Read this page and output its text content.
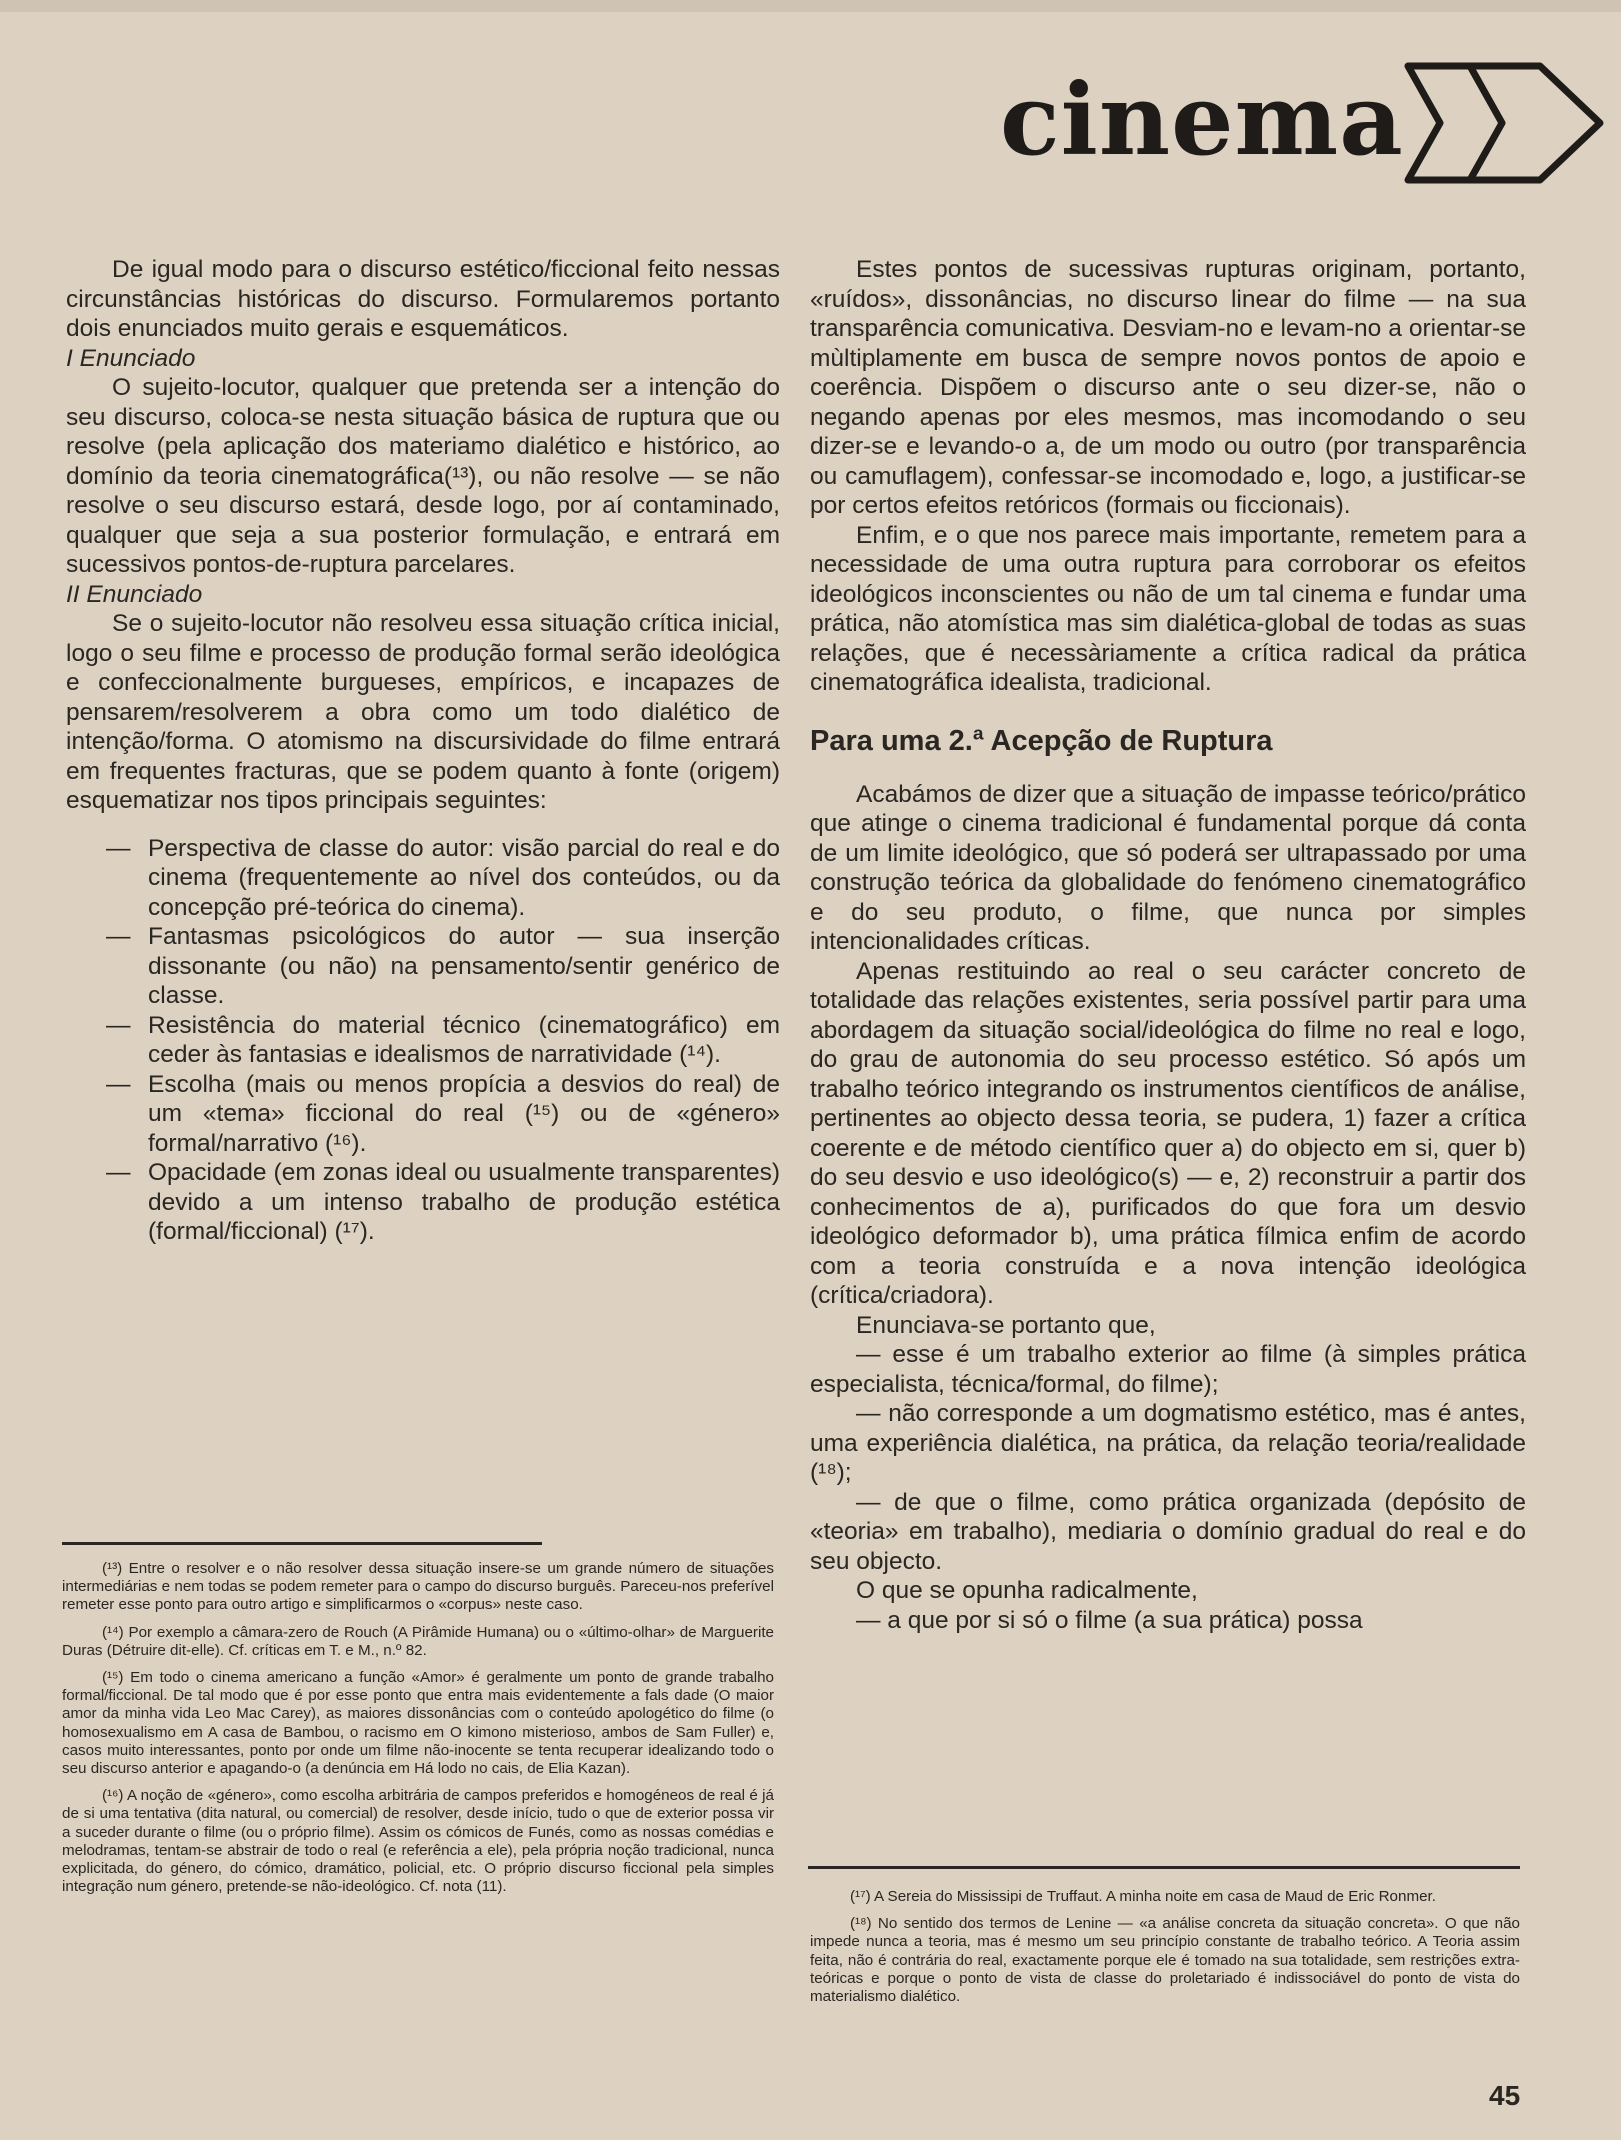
cinema

De igual modo para o discurso estético/ficcional feito nessas circunstâncias históricas do discurso. Formularemos portanto dois enunciados muito gerais e esquemáticos.

I Enunciado

O sujeito-locutor, qualquer que pretenda ser a intenção do seu discurso, coloca-se nesta situação básica de ruptura que ou resolve (pela aplicação dos materiamo dialético e histórico, ao domínio da teoria cinematográfica(¹³), ou não resolve — se não resolve o seu discurso estará, desde logo, por aí contaminado, qualquer que seja a sua posterior formulação, e entrará em sucessivos pontos-de-ruptura parcelares.

II Enunciado

Se o sujeito-locutor não resolveu essa situação crítica inicial, logo o seu filme e processo de produção formal serão ideológica e confeccionalmente burgueses, empíricos, e incapazes de pensarem/resolverem a obra como um todo dialético de intenção/forma. O atomismo na discursividade do filme entrará em frequentes fracturas, que se podem quanto à fonte (origem) esquematizar nos tipos principais seguintes:

— Perspectiva de classe do autor: visão parcial do real e do cinema (frequentemente ao nível dos conteúdos, ou da concepção pré-teórica do cinema).
— Fantasmas psicológicos do autor — sua inserção dissonante (ou não) na pensamento/sentir genérico de classe.
— Resistência do material técnico (cinematográfico) em ceder às fantasias e idealismos de narratividade (¹⁴).
— Escolha (mais ou menos propícia a desvios do real) de um «tema» ficcional do real (¹⁵) ou de «género» formal/narrativo (¹⁶).
— Opacidade (em zonas ideal ou usualmente transparentes) devido a um intenso trabalho de produção estética (formal/ficcional) (¹⁷).

Estes pontos de sucessivas rupturas originam, portanto, «ruídos», dissonâncias, no discurso linear do filme — na sua transparência comunicativa. Desviam-no e levam-no a orientar-se mùltiplamente em busca de sempre novos pontos de apoio e coerência. Dispõem o discurso ante o seu dizer-se, não o negando apenas por eles mesmos, mas incomodando o seu dizer-se e levando-o a, de um modo ou outro (por transparência ou camuflagem), confessar-se incomodado e, logo, a justificar-se por certos efeitos retóricos (formais ou ficcionais).

Enfim, e o que nos parece mais importante, remetem para a necessidade de uma outra ruptura para corroborar os efeitos ideológicos inconscientes ou não de um tal cinema e fundar uma prática, não atomística mas sim dialética-global de todas as suas relações, que é necessàriamente a crítica radical da prática cinematográfica idealista, tradicional.

Para uma 2.ª Acepção de Ruptura

Acabámos de dizer que a situação de impasse teórico/prático que atinge o cinema tradicional é fundamental porque dá conta de um limite ideológico, que só poderá ser ultrapassado por uma construção teórica da globalidade do fenómeno cinematográfico e do seu produto, o filme, que nunca por simples intencionalidades críticas.

Apenas restituindo ao real o seu carácter concreto de totalidade das relações existentes, seria possível partir para uma abordagem da situação social/ideológica do filme no real e logo, do grau de autonomia do seu processo estético. Só após um trabalho teórico integrando os instrumentos científicos de análise, pertinentes ao objecto dessa teoria, se pudera, 1) fazer a crítica coerente e de método científico quer a) do objecto em si, quer b) do seu desvio e uso ideológico(s) — e, 2) reconstruir a partir dos conhecimentos de a), purificados do que fora um desvio ideológico deformador b), uma prática fílmica enfim de acordo com a teoria construída e a nova intenção ideológica (crítica/criadora).

Enunciava-se portanto que,

— esse é um trabalho exterior ao filme (à simples prática especialista, técnica/formal, do filme);

— não corresponde a um dogmatismo estético, mas é antes, uma experiência dialética, na prática, da relação teoria/realidade (¹⁸);

— de que o filme, como prática organizada (depósito de «teoria» em trabalho), mediaria o domínio gradual do real e do seu objecto.

O que se opunha radicalmente,

— a que por si só o filme (a sua prática) possa

(¹³) Entre o resolver e o não resolver dessa situação insere-se um grande número de situações intermediárias e nem todas se podem remeter para o campo do discurso burguês. Pareceu-nos preferível remeter esse ponto para outro artigo e simplificarmos o «corpus» neste caso.

(¹⁴) Por exemplo a câmara-zero de Rouch (A Pirâmide Humana) ou o «último-olhar» de Marguerite Duras (Détruire dit-elle). Cf. críticas em T. e M., n.º 82.

(¹⁵) Em todo o cinema americano a função «Amor» é geralmente um ponto de grande trabalho formal/ficcional. De tal modo que é por esse ponto que entra mais evidentemente a fals dade (O maior amor da minha vida Leo Mac Carey), as maiores dissonâncias com o conteúdo apologético do filme (o homosexualismo em A casa de Bambou, o racismo em O kimono misterioso, ambos de Sam Fuller) e, casos muito interessantes, ponto por onde um filme não-inocente se tenta recuperar idealizando todo o seu discurso anterior e apagando-o (a denúncia em Há lodo no cais, de Elia Kazan).

(¹⁶) A noção de «género», como escolha arbitrária de campos preferidos e homogéneos de real é já de si uma tentativa (dita natural, ou comercial) de resolver, desde início, tudo o que de exterior possa vir a suceder durante o filme (ou o próprio filme). Assim os cómicos de Funés, como as nossas comédias e melodramas, tentam-se abstrair de todo o real (e referência a ele), pela própria noção tradicional, nunca explicitada, do género, do cómico, dramático, policial, etc. O próprio discurso ficcional pela simples integração num género, pretende-se não-ideológico. Cf. nota (11).

(¹⁷) A Sereia do Mississipi de Truffaut. A minha noite em casa de Maud de Eric Ronmer.

(¹⁸) No sentido dos termos de Lenine — «a análise concreta da situação concreta». O que não impede nunca a teoria, mas é mesmo um seu princípio constante de trabalho teórico. A Teoria assim feita, não é contrária do real, exactamente porque ele é tomado na sua totalidade, sem restrições extra-teóricas e porque o ponto de vista de classe do proletariado é indissociável do ponto de vista do materialismo dialético.

45
